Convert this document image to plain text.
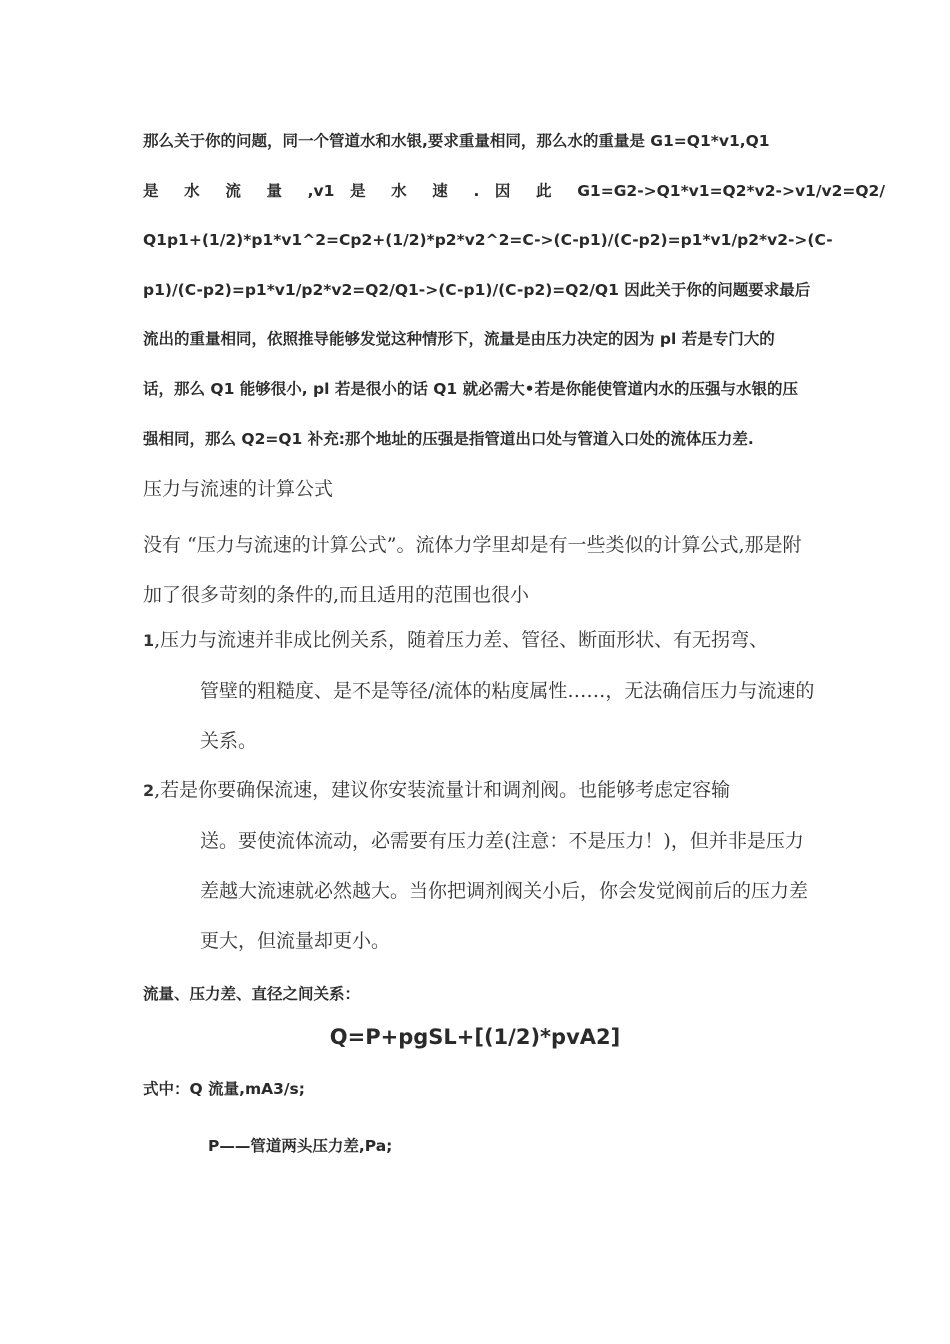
那么关于你的问题，同一个管道水和水银,要求重量相同，那么水的重量是 G1=Q1*v1,Q1
是 水 流 量 ,v1 是 水 速 . 因 此 G1=G2->Q1*v1=Q2*v2->v1/v2=Q2/
Q1p1+(1/2)*p1*v1^2=Cp2+(1/2)*p2*v2^2=C->(C-p1)/(C-p2)=p1*v1/p2*v2->(C-
p1)/(C-p2)=p1*v1/p2*v2=Q2/Q1->(C-p1)/(C-p2)=Q2/Q1 因此关于你的问题要求最后
流出的重量相同，依照推导能够发觉这种情形下，流量是由压力决定的因为 pl 若是专门大的
话，那么 Q1 能够很小, pl 若是很小的话 Q1 就必需大•若是你能使管道内水的压强与水银的压
强相同，那么 Q2=Q1 补充:那个地址的压强是指管道出口处与管道入口处的流体压力差.
压力与流速的计算公式
没有 “压力与流速的计算公式”。流体力学里却是有一些类似的计算公式,那是附
加了很多苛刻的条件的,而且适用的范围也很小
1,压力与流速并非成比例关系，随着压力差、管径、断面形状、有无拐弯、
管壁的粗糙度、是不是等径/流体的粘度属性……，无法确信压力与流速的
关系。
2,若是你要确保流速，建议你安装流量计和调剂阀。也能够考虑定容输
送。要使流体流动，必需要有压力差(注意：不是压力！)，但并非是压力
差越大流速就必然越大。当你把调剂阀关小后，你会发觉阀前后的压力差
更大，但流量却更小。
流量、压力差、直径之间关系：
Q=P+pgSL+[(1/2)*pvA2]
式中：Q 流量,mA3/s;
P——管道两头压力差,Pa;
